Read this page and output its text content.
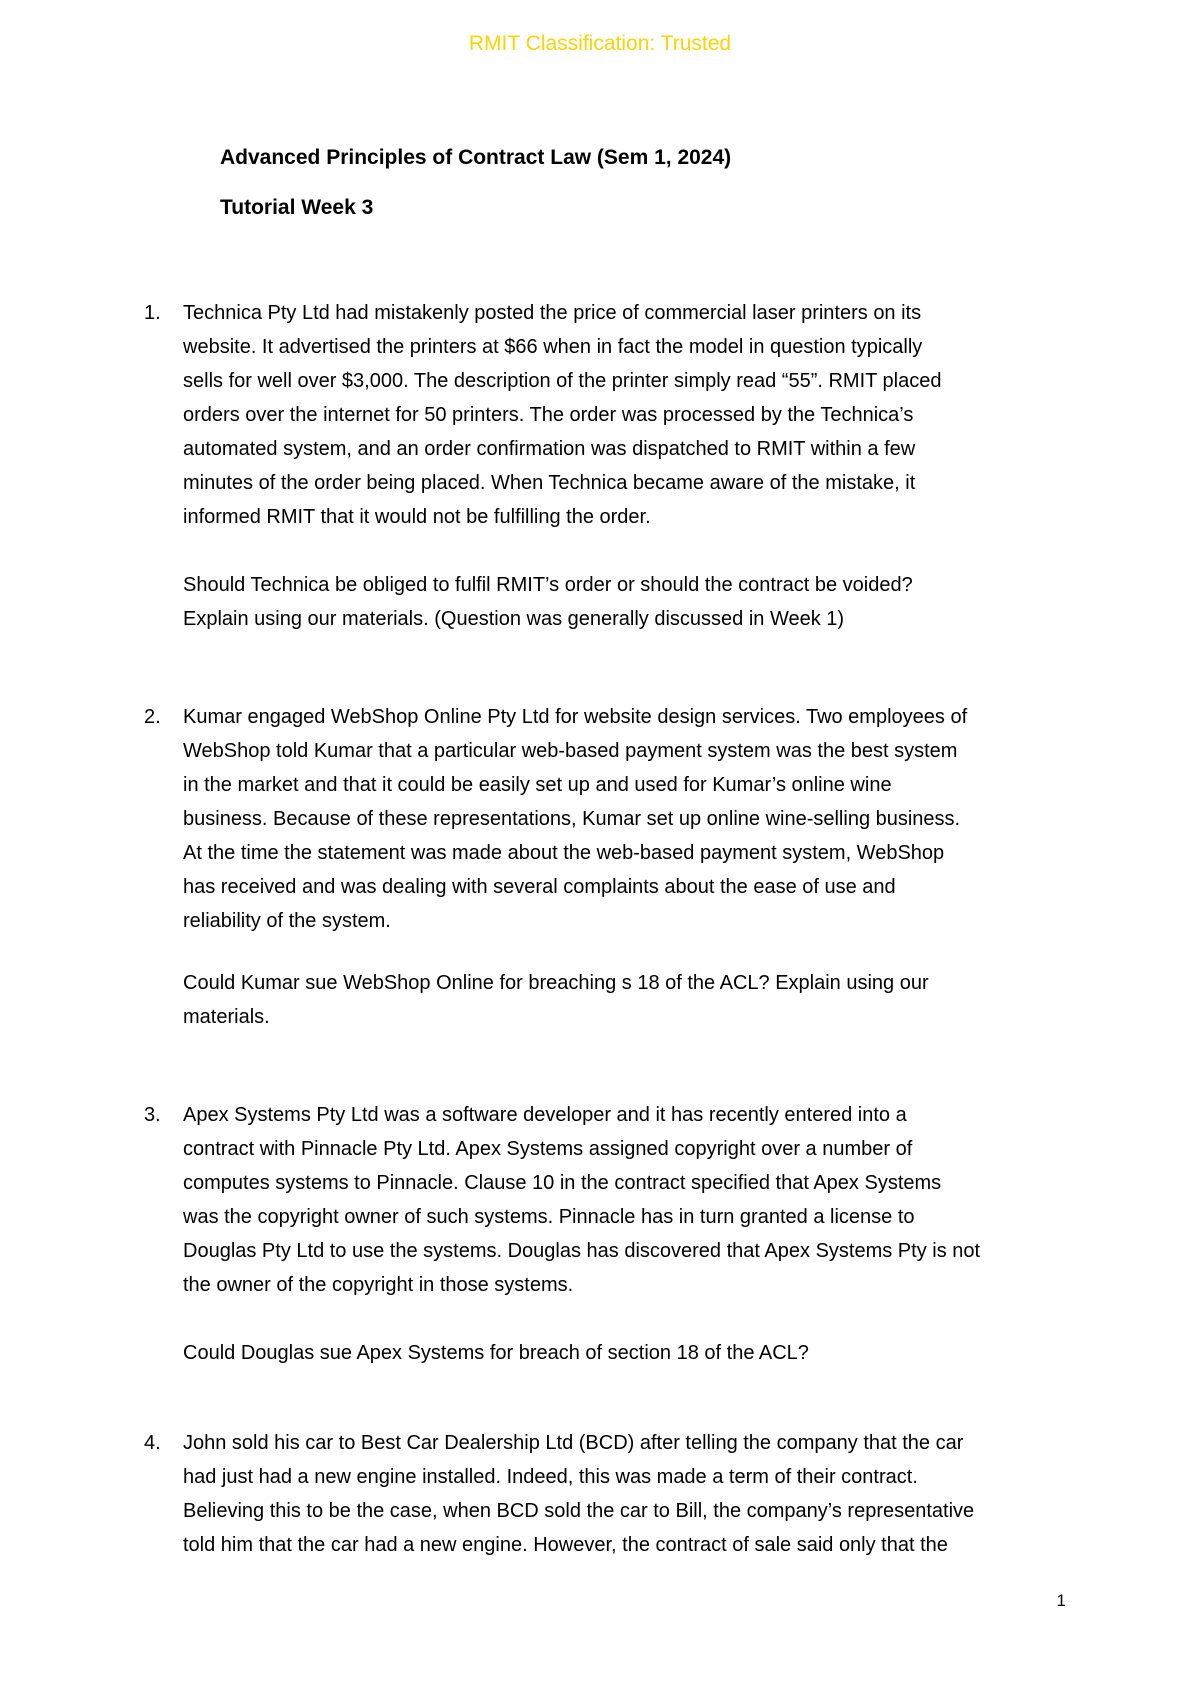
RMIT Classification: Trusted
Advanced Principles of Contract Law (Sem 1, 2024)
Tutorial Week 3
1. Technica Pty Ltd had mistakenly posted the price of commercial laser printers on its
website. It advertised the printers at $66 when in fact the model in question typically
sells for well over $3,000. The description of the printer simply read “55”. RMIT placed
orders over the internet for 50 printers. The order was processed by the Technica’s
automated system, and an order confirmation was dispatched to RMIT within a few
minutes of the order being placed. When Technica became aware of the mistake, it
informed RMIT that it would not be fulfilling the order.

Should Technica be obliged to fulfil RMIT’s order or should the contract be voided?
Explain using our materials. (Question was generally discussed in Week 1)

2. Kumar engaged WebShop Online Pty Ltd for website design services. Two employees of
WebShop told Kumar that a particular web-based payment system was the best system
in the market and that it could be easily set up and used for Kumar’s online wine
business. Because of these representations, Kumar set up online wine-selling business.
At the time the statement was made about the web-based payment system, WebShop
has received and was dealing with several complaints about the ease of use and
reliability of the system.

Could Kumar sue WebShop Online for breaching s 18 of the ACL? Explain using our
materials.

3. Apex Systems Pty Ltd was a software developer and it has recently entered into a
contract with Pinnacle Pty Ltd. Apex Systems assigned copyright over a number of
computes systems to Pinnacle. Clause 10 in the contract specified that Apex Systems
was the copyright owner of such systems. Pinnacle has in turn granted a license to
Douglas Pty Ltd to use the systems. Douglas has discovered that Apex Systems Pty is not
the owner of the copyright in those systems.

Could Douglas sue Apex Systems for breach of section 18 of the ACL?

4. John sold his car to Best Car Dealership Ltd (BCD) after telling the company that the car
had just had a new engine installed. Indeed, this was made a term of their contract.
Believing this to be the case, when BCD sold the car to Bill, the company’s representative
told him that the car had a new engine. However, the contract of sale said only that the

1
